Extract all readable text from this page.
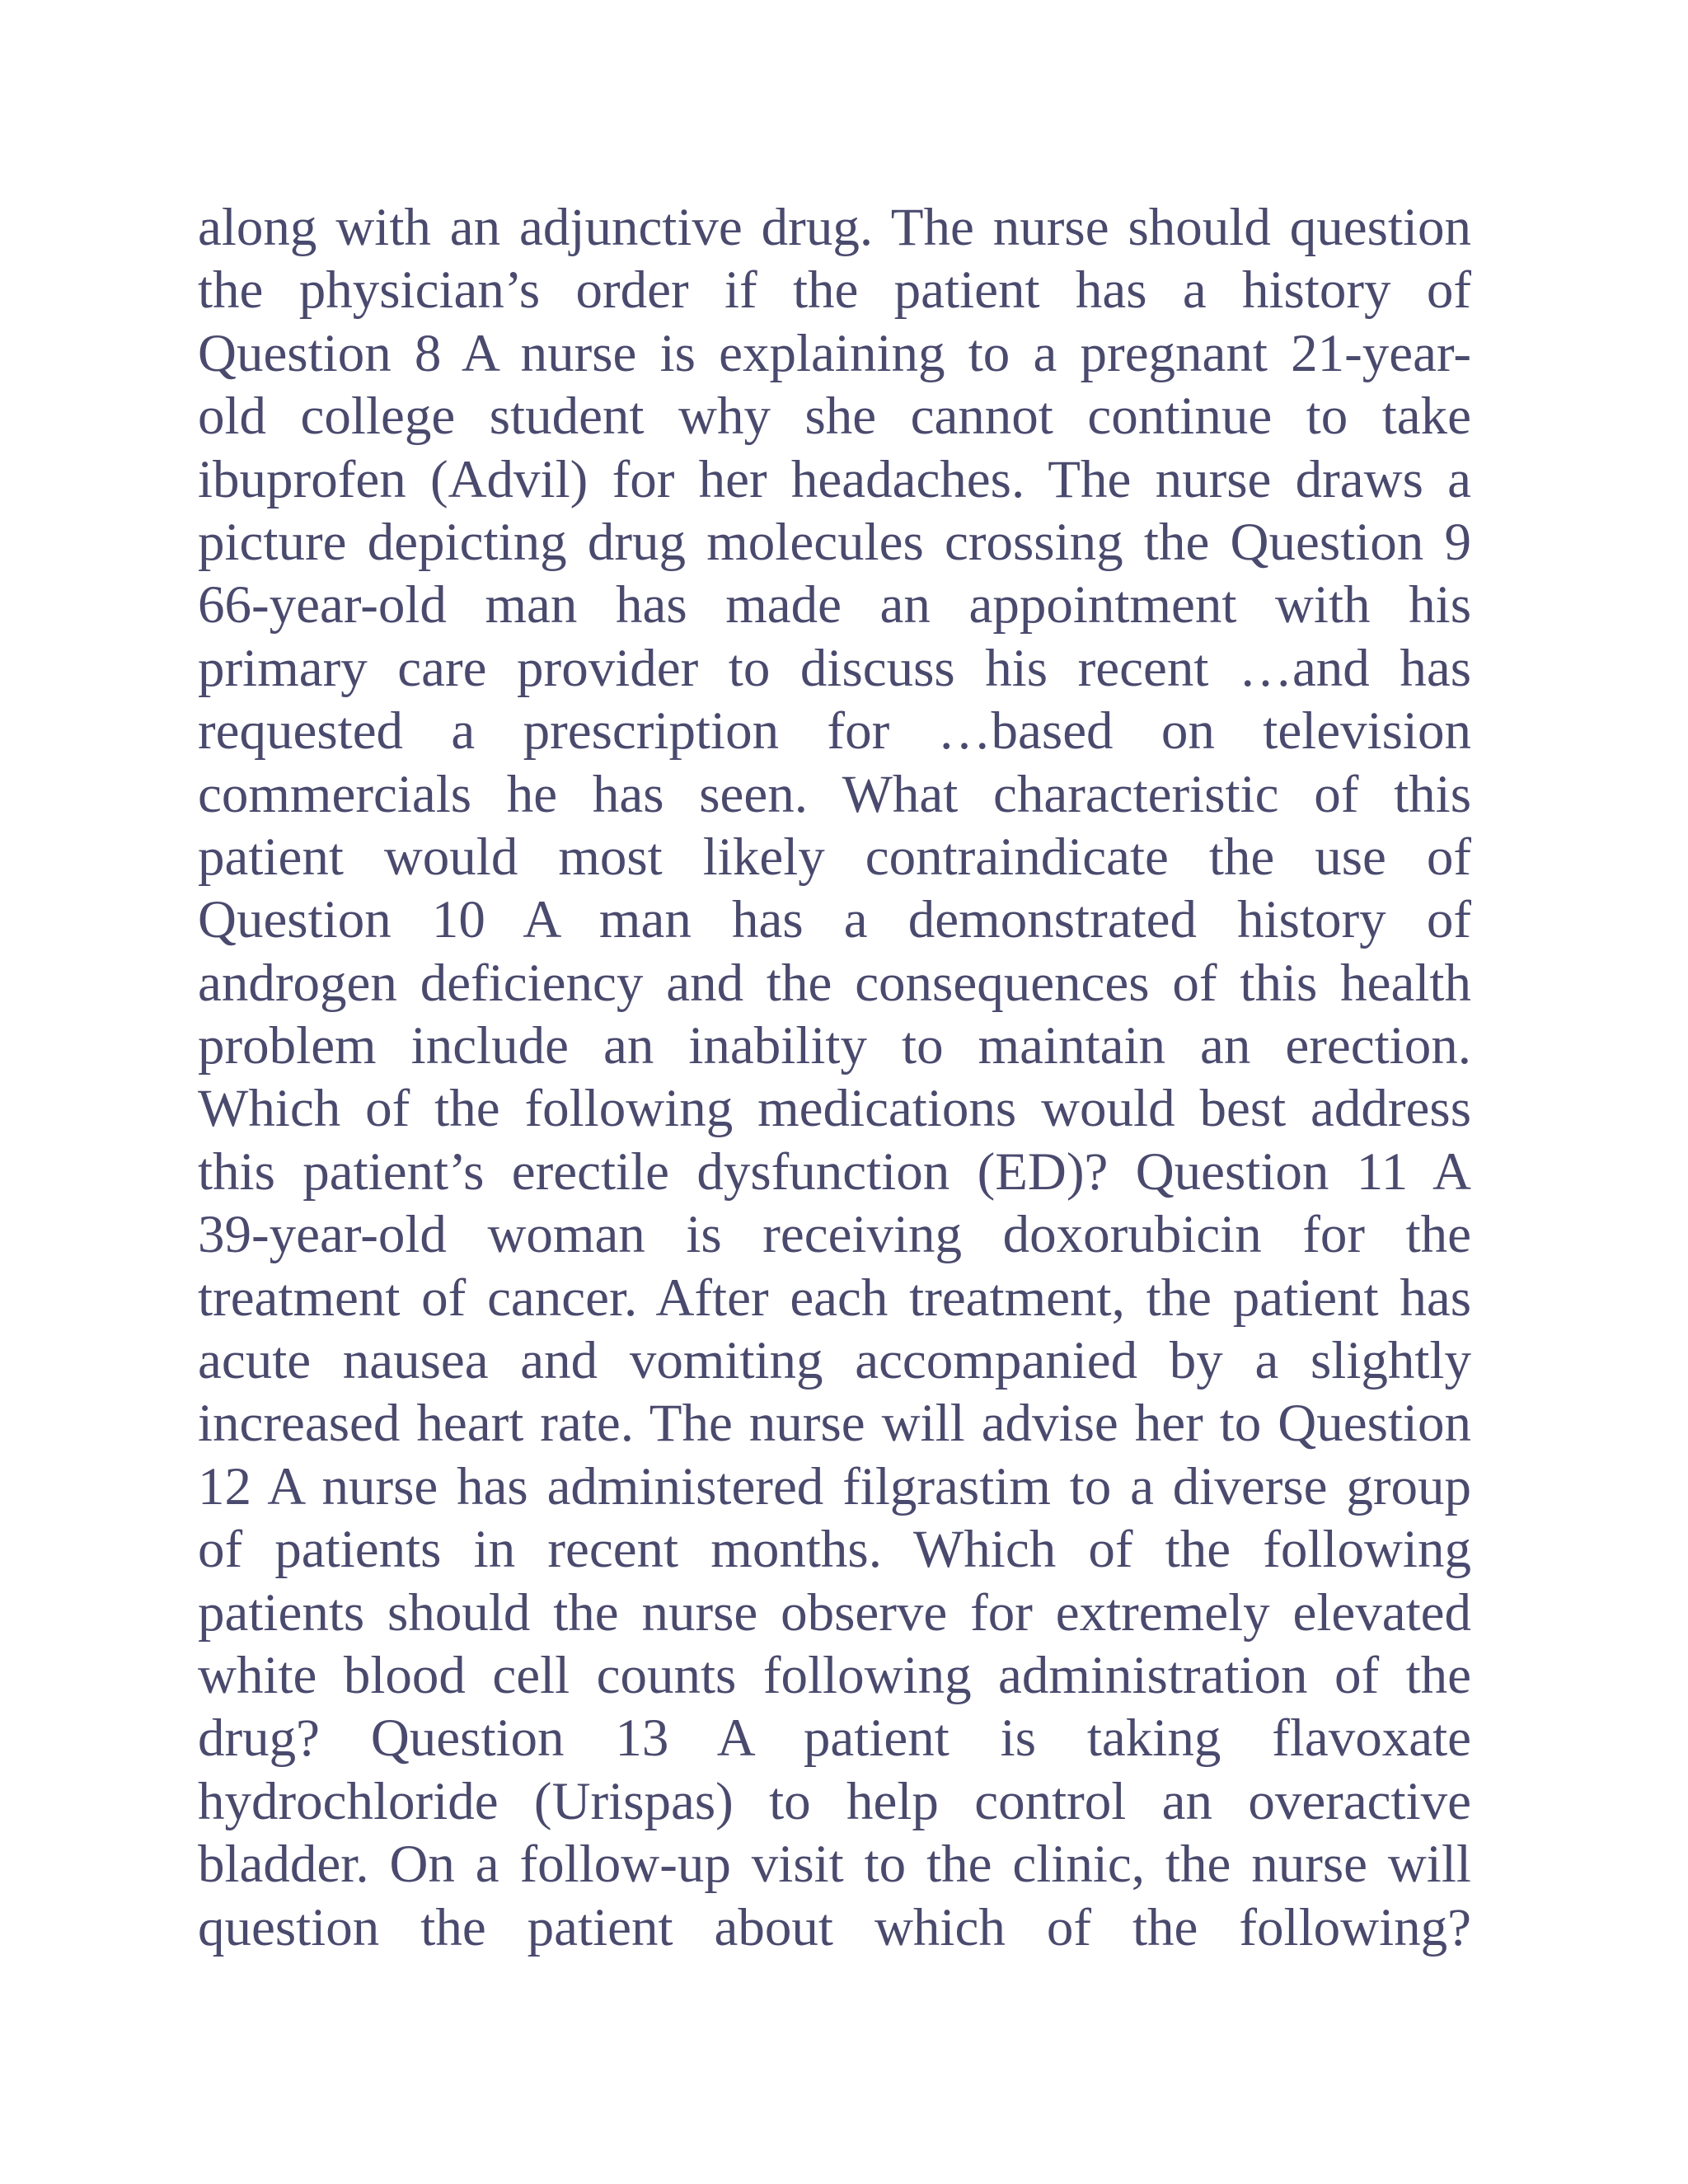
along with an adjunctive drug. The nurse should question
the physician’s order if the patient has a history of
Question 8 A nurse is explaining to a pregnant 21-year-
old college student why she cannot continue to take
ibuprofen (Advil) for her headaches. The nurse draws a
picture depicting drug molecules crossing the Question 9
66-year-old man has made an appointment with his
primary care provider to discuss his recent …and has
requested a prescription for …based on television
commercials he has seen. What characteristic of this
patient would most likely contraindicate the use of
Question 10 A man has a demonstrated history of
androgen deficiency and the consequences of this health
problem include an inability to maintain an erection.
Which of the following medications would best address
this patient’s erectile dysfunction (ED)? Question 11 A
39-year-old woman is receiving doxorubicin for the
treatment of cancer. After each treatment, the patient has
acute nausea and vomiting accompanied by a slightly
increased heart rate. The nurse will advise her to Question
12 A nurse has administered filgrastim to a diverse group
of patients in recent months. Which of the following
patients should the nurse observe for extremely elevated
white blood cell counts following administration of the
drug? Question 13 A patient is taking flavoxate
hydrochloride (Urispas) to help control an overactive
bladder. On a follow-up visit to the clinic, the nurse will
question the patient about which of the following?
